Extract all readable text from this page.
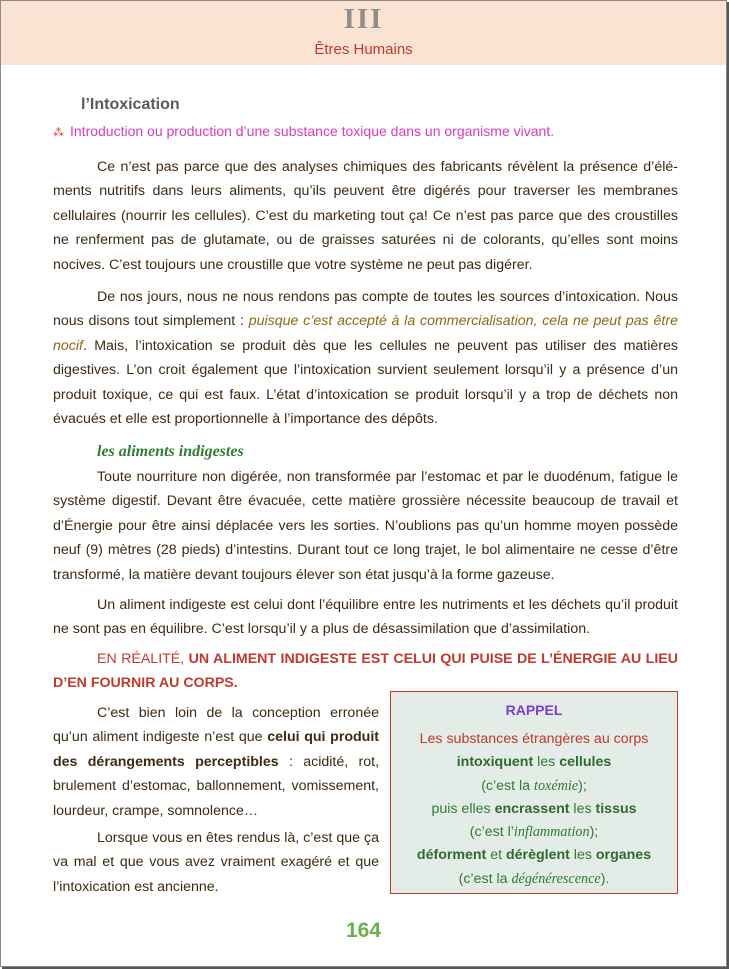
III
Êtres Humains
l’Intoxication
⁂ Introduction ou production d’une substance toxique dans un organisme vivant.

Ce n’est pas parce que des analyses chimiques des fabricants révèlent la présence d’éléments nutritifs dans leurs aliments, qu’ils peuvent être digérés pour traverser les membranes cellulaires (nourrir les cellules). C’est du marketing tout ça! Ce n’est pas parce que des croustilles ne renferment pas de glutamate, ou de graisses saturées ni de colorants, qu’elles sont moins nocives. C’est toujours une croustille que votre système ne peut pas digérer.

De nos jours, nous ne nous rendons pas compte de toutes les sources d’intoxication. Nous nous disons tout simplement : puisque c’est accepté à la commercialisation, cela ne peut pas être nocif. Mais, l’intoxication se produit dès que les cellules ne peuvent pas utiliser des matières digestives. L’on croit également que l’intoxication survient seulement lorsqu’il y a présence d’un produit toxique, ce qui est faux. L’état d’intoxication se produit lorsqu’il y a trop de déchets non évacués et elle est proportionnelle à l’importance des dépôts.

les aliments indigestes

Toute nourriture non digérée, non transformée par l’estomac et par le duodénum, fatigue le système digestif. Devant être évacuée, cette matière grossière nécessite beaucoup de travail et d’Énergie pour être ainsi déplacée vers les sorties. N’oublions pas qu’un homme moyen possède neuf (9) mètres (28 pieds) d’intestins. Durant tout ce long trajet, le bol alimentaire ne cesse d’être transformé, la matière devant toujours élever son état jusqu’à la forme gazeuse.

Un aliment indigeste est celui dont l’équilibre entre les nutriments et les déchets qu’il produit ne sont pas en équilibre. C’est lorsqu’il y a plus de désassimilation que d’assimilation.

EN RÉALITÉ, UN ALIMENT INDIGESTE EST CELUI QUI PUISE DE L’ÉNERGIE AU LIEU D’EN FOURNIR AU CORPS.

C’est bien loin de la conception erronée qu’un aliment indigeste n’est que celui qui produit des dérangements perceptibles : acidité, rot, brulement d’estomac, ballonnement, vomissement, lourdeur, crampe, somnolence…

Lorsque vous en êtes rendus là, c’est que ça va mal et que vous avez vraiment exagéré et que l’intoxication est ancienne.

RAPPEL
Les substances étrangères au corps
intoxiquent les cellules
(c’est la toxémie);
puis elles encrassent les tissus
(c’est l’inflammation);
déforment et dérèglent les organes
(c’est la dégénérescence).
164
